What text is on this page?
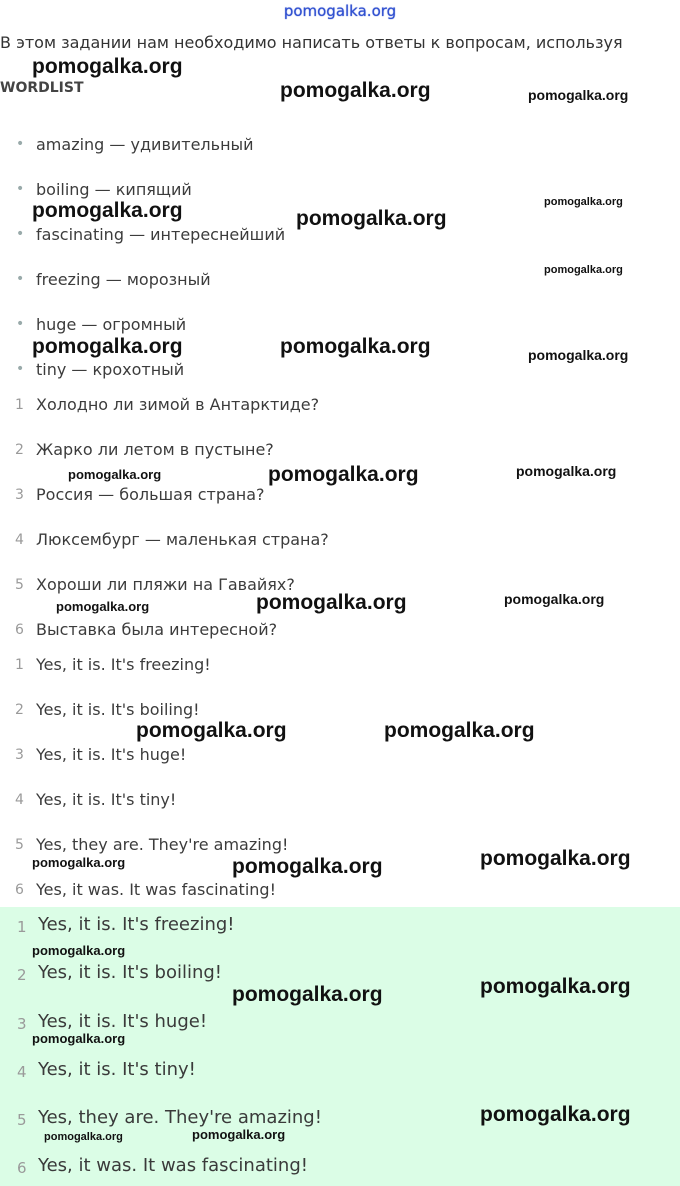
pomogalka.org
В этом задании нам необходимо написать ответы к вопросам, используя
WORDLIST
• amazing — удивительный
• boiling — кипящий
• fascinating — интереснейший
• freezing — морозный
• huge — огромный
• tiny — крохотный
1 Холодно ли зимой в Антарктиде?
2 Жарко ли летом в пустыне?
3 Россия — большая страна?
4 Люксембург — маленькая страна?
5 Хороши ли пляжи на Гавайях?
6 Выставка была интересной?
1 Yes, it is. It's freezing!
2 Yes, it is. It's boiling!
3 Yes, it is. It's huge!
4 Yes, it is. It's tiny!
5 Yes, they are. They're amazing!
6 Yes, it was. It was fascinating!
1 Yes, it is. It's freezing!
2 Yes, it is. It's boiling!
3 Yes, it is. It's huge!
4 Yes, it is. It's tiny!
5 Yes, they are. They're amazing!
6 Yes, it was. It was fascinating!
pomogalka.org
pomogalka.org	pomogalka.org
pomogalka.org	pomogalka.org
pomogalka.org
pomogalka.org
pomogalka.org	pomogalka.org	pomogalka.org
pomogalka.org	pomogalka.org	pomogalka.org
pomogalka.org	pomogalka.org	pomogalka.org
pomogalka.org	pomogalka.org
pomogalka.org	pomogalka.org	pomogalka.org
pomogalka.org
pomogalka.org	pomogalka.org
pomogalka.org
pomogalka.org
pomogalka.org	pomogalka.org
